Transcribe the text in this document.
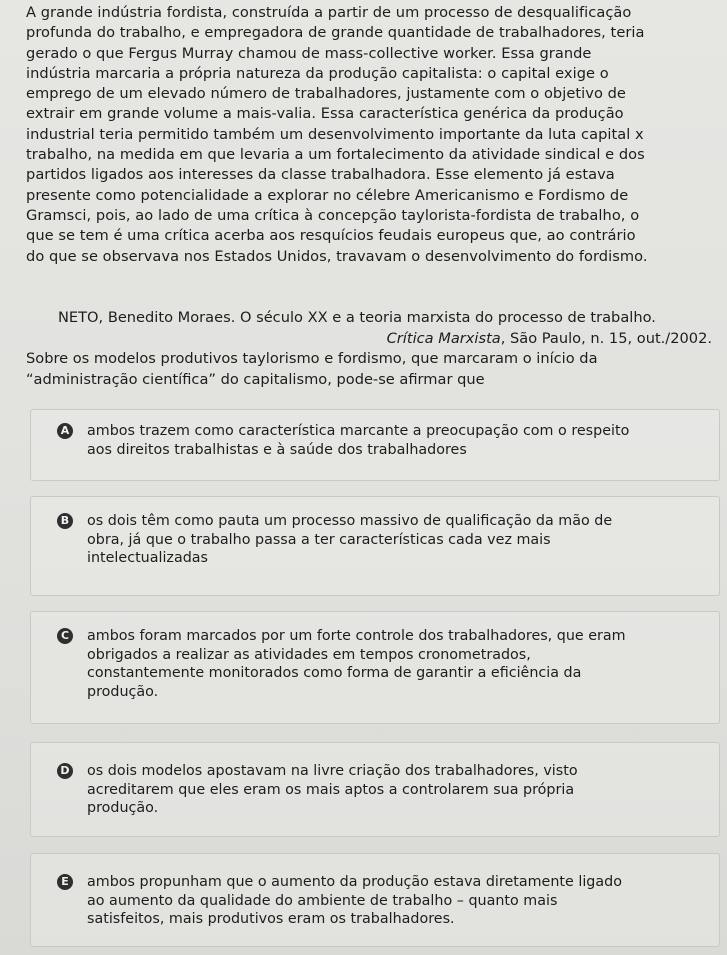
A grande indústria fordista, construída a partir de um processo de desqualificação
profunda do trabalho, e empregadora de grande quantidade de trabalhadores, teria
gerado o que Fergus Murray chamou de mass-collective worker. Essa grande
indústria marcaria a própria natureza da produção capitalista: o capital exige o
emprego de um elevado número de trabalhadores, justamente com o objetivo de
extrair em grande volume a mais-valia. Essa característica genérica da produção
industrial teria permitido também um desenvolvimento importante da luta capital x
trabalho, na medida em que levaria a um fortalecimento da atividade sindical e dos
partidos ligados aos interesses da classe trabalhadora. Esse elemento já estava
presente como potencialidade a explorar no célebre Americanismo e Fordismo de
Gramsci, pois, ao lado de uma crítica à concepção taylorista-fordista de trabalho, o
que se tem é uma crítica acerba aos resquícios feudais europeus que, ao contrário
do que se observava nos Estados Unidos, travavam o desenvolvimento do fordismo.
NETO, Benedito Moraes. O século XX e a teoria marxista do processo de trabalho.
Crítica Marxista, São Paulo, n. 15, out./2002.
Sobre os modelos produtivos taylorismo e fordismo, que marcaram o início da
“administração científica” do capitalismo, pode-se afirmar que
A ambos trazem como característica marcante a preocupação com o respeito
aos direitos trabalhistas e à saúde dos trabalhadores
B os dois têm como pauta um processo massivo de qualificação da mão de
obra, já que o trabalho passa a ter características cada vez mais
intelectualizadas
C ambos foram marcados por um forte controle dos trabalhadores, que eram
obrigados a realizar as atividades em tempos cronometrados,
constantemente monitorados como forma de garantir a eficiência da
produção.
D os dois modelos apostavam na livre criação dos trabalhadores, visto
acreditarem que eles eram os mais aptos a controlarem sua própria
produção.
E ambos propunham que o aumento da produção estava diretamente ligado
ao aumento da qualidade do ambiente de trabalho – quanto mais
satisfeitos, mais produtivos eram os trabalhadores.
